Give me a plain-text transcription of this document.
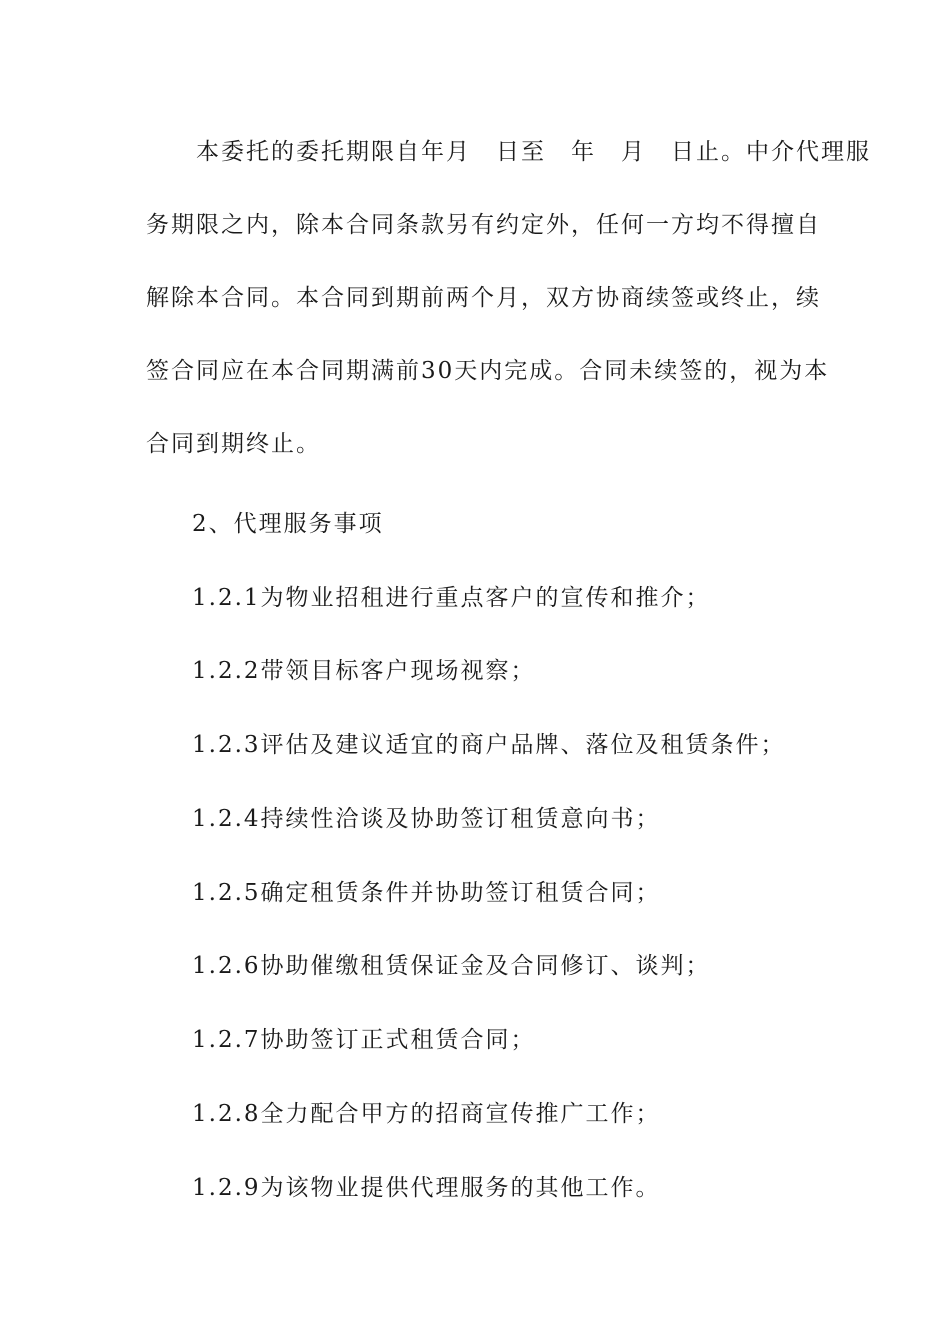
　　本委托的委托期限自年月　日至　年　月　日止。中介代理服
务期限之内，除本合同条款另有约定外，任何一方均不得擅自
解除本合同。本合同到期前两个月，双方协商续签或终止，续
签合同应在本合同期满前30天内完成。合同未续签的，视为本
合同到期终止。
2、代理服务事项
1.2.1为物业招租进行重点客户的宣传和推介；
1.2.2带领目标客户现场视察；
1.2.3评估及建议适宜的商户品牌、落位及租赁条件；
1.2.4持续性洽谈及协助签订租赁意向书；
1.2.5确定租赁条件并协助签订租赁合同；
1.2.6协助催缴租赁保证金及合同修订、谈判；
1.2.7协助签订正式租赁合同；
1.2.8全力配合甲方的招商宣传推广工作；
1.2.9为该物业提供代理服务的其他工作。
